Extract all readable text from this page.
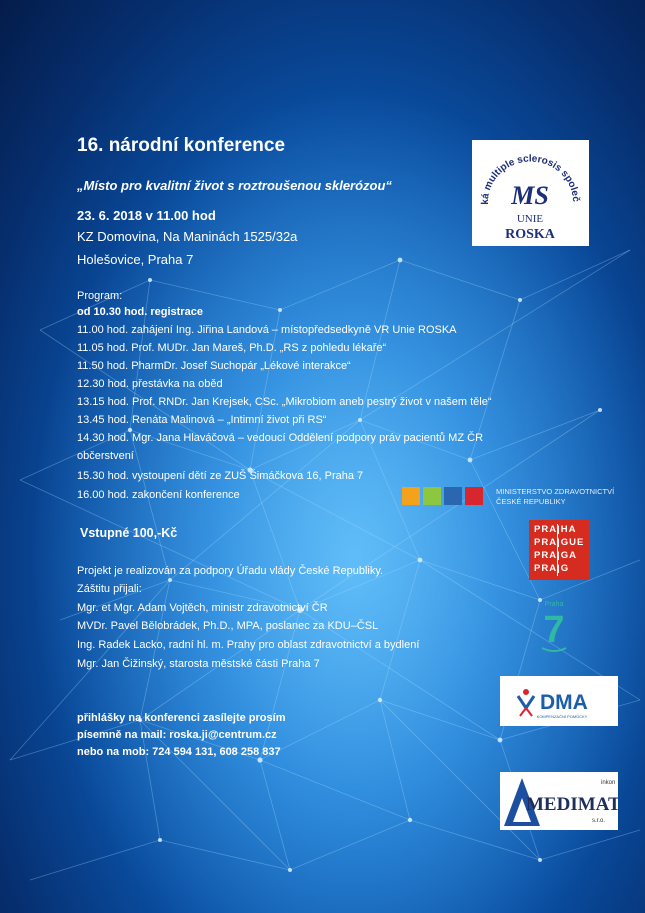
16. národní konference
„Místo pro kvalitní život s roztroušenou sklerózou“
23. 6. 2018 v 11.00 hod
KZ Domovina, Na Maninách 1525/32a
Holešovice, Praha 7
Program:
od 10.30 hod. registrace
11.00 hod. zahájení Ing. Jiřina Landová – místopředsedkyně VR Unie ROSKA
11.05 hod. Prof. MUDr. Jan Mareš, Ph.D. „RS z pohledu lékaře“
11.50 hod. PharmDr. Josef Suchopár „Lékové interakce“
12.30 hod. přestávka na oběd
13.15 hod. Prof. RNDr. Jan Krejsek, CSc. „Mikrobiom aneb pestrý život v našem těle“
13.45 hod. Renáta Malinová – „Intimní život při RS“
14.30 hod. Mgr. Jana Hlaváčová – vedoucí Oddělení podpory práv pacientů MZ ČR
občerstvení
15.30 hod. vystoupení dětí ze ZUŠ Šimáčkova 16, Praha 7
16.00 hod. zakončení konference
Vstupné 100,-Kč
Projekt je realizován za podpory Úřadu vlády České Republiky.
Záštitu přijali:
Mgr. et Mgr. Adam Vojtěch, ministr zdravotnictví ČR
MVDr. Pavel Bělobrádek, Ph.D., MPA, poslanec za KDU–ČSL
Ing. Radek Lacko, radní hl. m. Prahy pro oblast zdravotnictví a bydlení
Mgr. Jan Čižinský, starosta městské části Praha 7
přihlášky na konferenci zasílejte prosím
písemně na mail: roska.ji@centrum.cz
nebo na mob: 724 594 131, 608 258 837
ká multiple sclerosis společ
MS
UNIE
ROSKA
MINISTERSTVO ZDRAVOTNICTVÍ
ČESKÉ REPUBLIKY
PRA|HA
PRA|GUE
PRA|GA
PRA|G
Praha
7
DMA
KOMPENZAČNÍ POMŮCKY
inkon
MEDIMAT
s.r.o.
